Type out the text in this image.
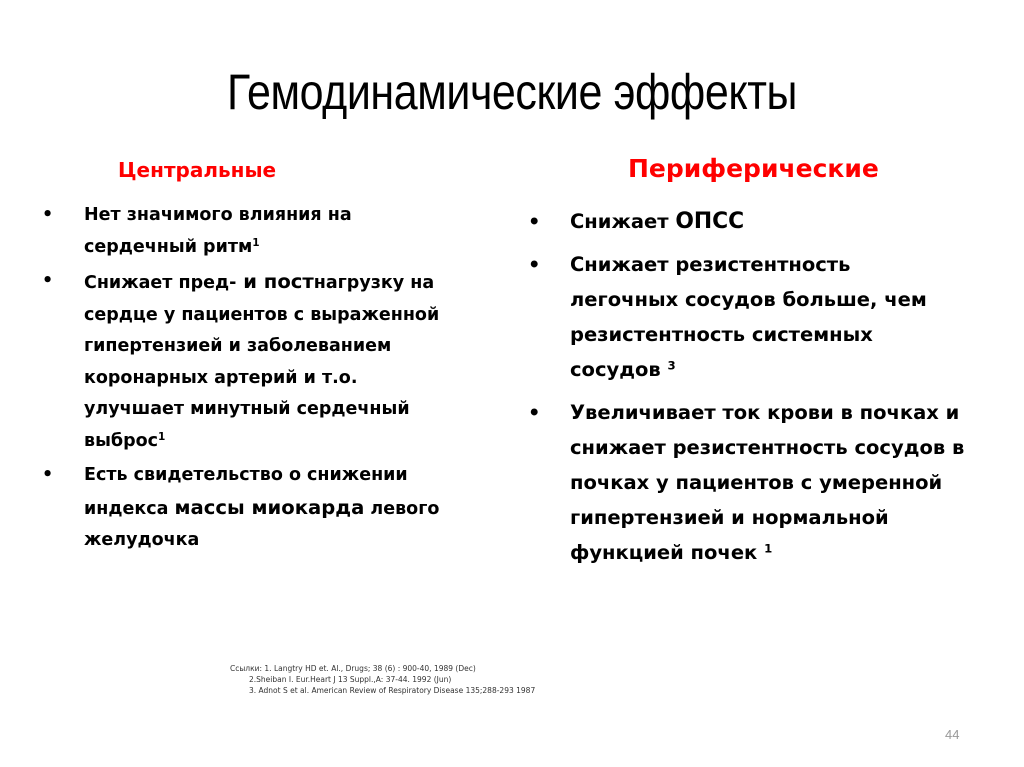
Гемодинамические эффекты
Центральные
• Нет значимого влияния на
сердечный ритм$^1$
• Снижает пред- и постнагрузку на
сердце у пациентов с выраженной
гипертензией и заболеванием
коронарных артерий и т.о.
улучшает минутный сердечный
выброс$^1$
• Есть свидетельство о снижении
индекса массы миокарда левого
желудочка
Периферические
• Снижает ОПСС
• Снижает резистентность
легочных сосудов больше, чем
резистентность системных
сосудов $^3$
• Увеличивает ток крови в почках и
снижает резистентность сосудов в
почках у пациентов с умеренной
гипертензией и нормальной
функцией почек $^1$
Ссылки: 1. Langtry HD et. Al., Drugs; 38 (6) : 900-40, 1989 (Dec)
2.Sheiban I. Eur.Heart J 13 Suppl.,A: 37-44. 1992 (Jun)
3. Adnot S et al. American Review of Respiratory Disease 135;288-293 1987
44
